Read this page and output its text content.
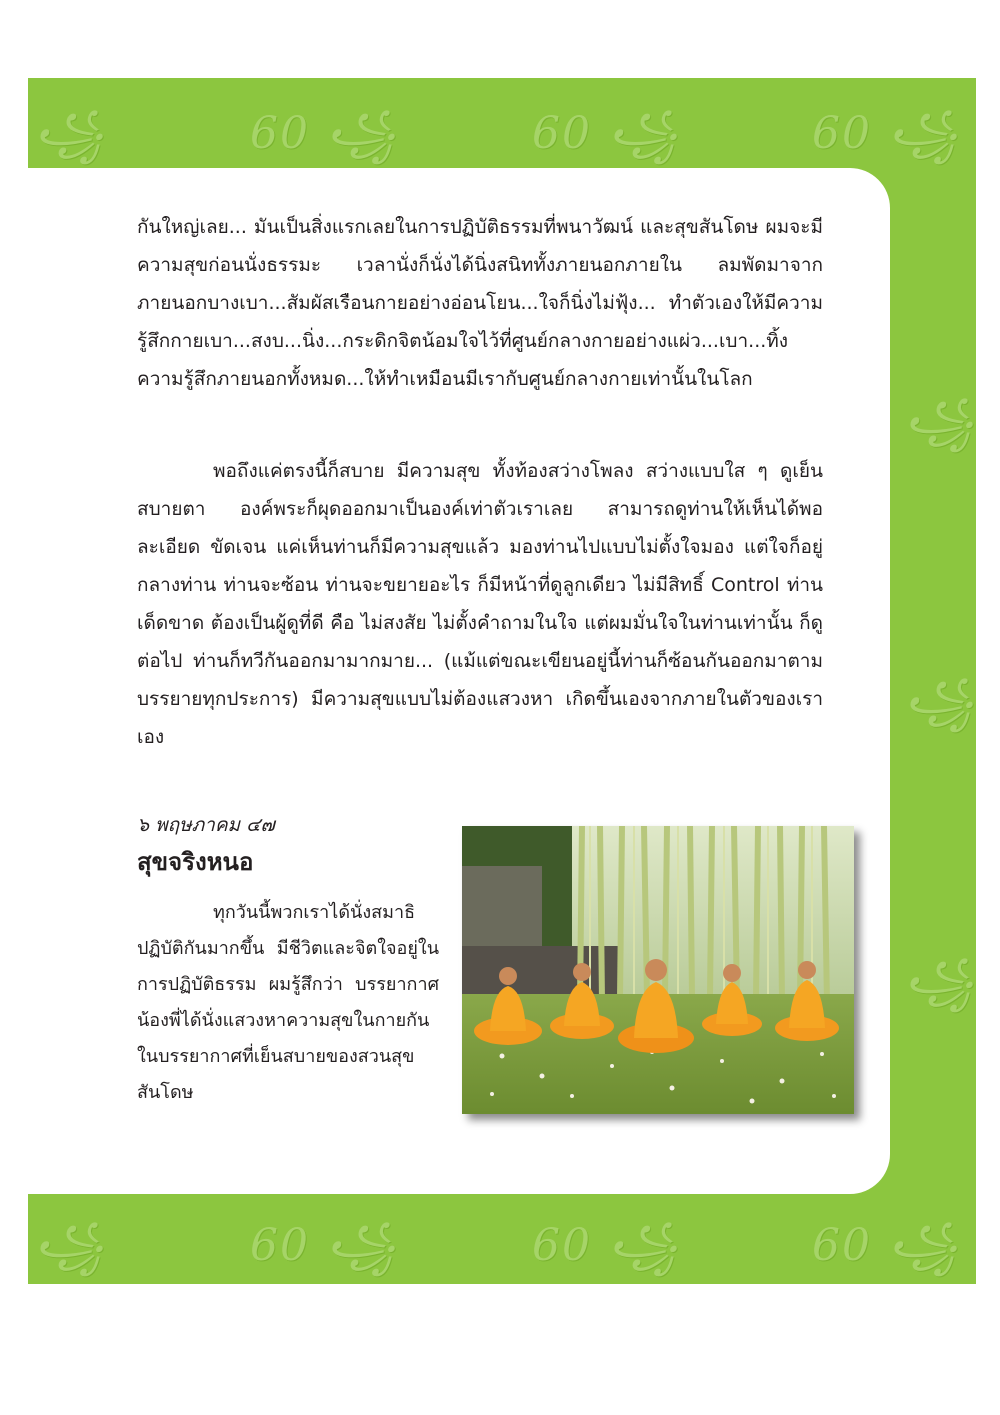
꧁	60 ꧁	60 ꧁	60 ꧁
꧁	60 ꧁	60 ꧁	60 ꧁
꧁
꧁
꧁

กันใหญ่เลย... มันเป็นสิ่งแรกเลยในการปฏิบัติธรรมที่พนาวัฒน์ และสุขสันโดษ ผมจะมีความสุขก่อนนั่งธรรมะ เวลานั่งก็นั่งได้นิ่งสนิททั้งภายนอกภายใน ลมพัดมาจากภายนอกบางเบา...สัมผัสเรือนกายอย่างอ่อนโยน...ใจก็นิ่งไม่ฟุ้ง... ทำตัวเองให้มีความรู้สึกกายเบา...สงบ...นิ่ง...กระดิกจิตน้อมใจไว้ที่ศูนย์กลางกายอย่างแผ่ว...เบา...ทิ้งความรู้สึกภายนอกทั้งหมด...ให้ทำเหมือนมีเรากับศูนย์กลางกายเท่านั้นในโลก

พอถึงแค่ตรงนี้ก็สบาย มีความสุข ทั้งท้องสว่างโพลง สว่างแบบใส ๆ ดูเย็นสบายตา องค์พระก็ผุดออกมาเป็นองค์เท่าตัวเราเลย สามารถดูท่านให้เห็นได้พอละเอียด ขัดเจน แค่เห็นท่านก็มีความสุขแล้ว มองท่านไปแบบไม่ตั้งใจมอง แต่ใจก็อยู่กลางท่าน ท่านจะซ้อน ท่านจะขยายอะไร ก็มีหน้าที่ดูลูกเดียว ไม่มีสิทธิ์ Control ท่านเด็ดขาด ต้องเป็นผู้ดูที่ดี คือ ไม่สงสัย ไม่ตั้งคำถามในใจ แต่ผมมั่นใจในท่านเท่านั้น ก็ดูต่อไป ท่านก็ทวีกันออกมามากมาย... (แม้แต่ขณะเขียนอยู่นี้ท่านก็ซ้อนกันออกมาตามบรรยายทุกประการ) มีความสุขแบบไม่ต้องแสวงหา เกิดขึ้นเองจากภายในตัวของเราเอง

๖ พฤษภาคม ๔๗
สุขจริงหนอ

ทุกวันนี้พวกเราได้นั่งสมาธิปฏิบัติกันมากขึ้น มีชีวิตและจิตใจอยู่ในการปฏิบัติธรรม ผมรู้สึกว่า บรรยากาศน้องพี่ได้นั่งแสวงหาความสุขในกายกัน ในบรรยากาศที่เย็นสบายของสวนสุขสันโดษ
